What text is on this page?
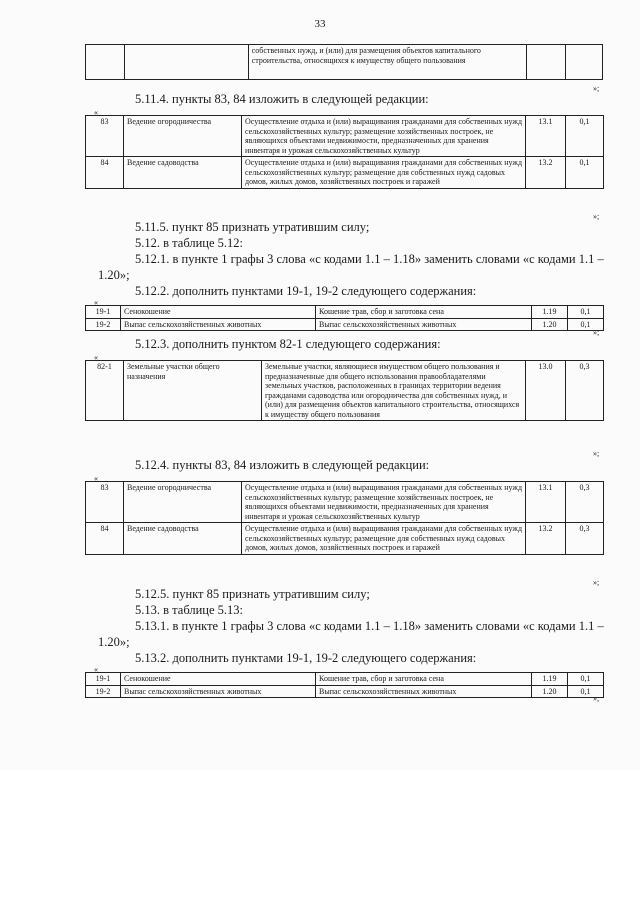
33
		собственных нужд, и (или) для размещения объектов капитального строительства, относящихся к имуществу общего пользования		
»;
5.11.4. пункты 83, 84 изложить в следующей редакции:
«
83	Ведение огородничества	Осуществление отдыха и (или) выращивания гражданами для собственных нужд сельскохозяйственных культур; размещение хозяйственных построек, не являющихся объектами недвижимости, предназначенных для хранения инвентаря и урожая сельскохозяйственных культур	13.1	0,1
84	Ведение садоводства	Осуществление отдыха и (или) выращивания гражданами для собственных нужд сельскохозяйственных культур; размещение для собственных нужд садовых домов, жилых домов, хозяйственных построек и гаражей	13.2	0,1
»;
5.11.5. пункт 85 признать утратившим силу;
5.12. в таблице 5.12:
5.12.1. в пункте 1 графы 3 слова «с кодами 1.1 – 1.18» заменить словами «с кодами 1.1 – 1.20»;
5.12.2. дополнить пунктами 19-1, 19-2 следующего содержания:
«
19-1	Сенокошение	Кошение трав, сбор и заготовка сена	1.19	0,1
19-2	Выпас сельскохозяйственных животных	Выпас сельскохозяйственных животных	1.20	0,1
»;
5.12.3. дополнить пунктом 82-1 следующего содержания:
«
82-1	Земельные участки общего назначения	Земельные участки, являющиеся имуществом общего пользования и предназначенные для общего использования правообладателями земельных участков, расположенных в границах территории ведения гражданами садоводства или огородничества для собственных нужд, и (или) для размещения объектов капитального строительства, относящихся к имуществу общего пользования	13.0	0,3
»;
5.12.4. пункты 83, 84 изложить в следующей редакции:
«
83	Ведение огородничества	Осуществление отдыха и (или) выращивания гражданами для собственных нужд сельскохозяйственных культур; размещение хозяйственных построек, не являющихся объектами недвижимости, предназначенных для хранения инвентаря и урожая сельскохозяйственных культур	13.1	0,3
84	Ведение садоводства	Осуществление отдыха и (или) выращивания гражданами для собственных нужд сельскохозяйственных культур; размещение для собственных нужд садовых домов, жилых домов, хозяйственных построек и гаражей	13.2	0,3
»;
5.12.5. пункт 85 признать утратившим силу;
5.13. в таблице 5.13:
5.13.1. в пункте 1 графы 3 слова «с кодами 1.1 – 1.18» заменить словами «с кодами 1.1 – 1.20»;
5.13.2. дополнить пунктами 19-1, 19-2 следующего содержания:
«
19-1	Сенокошение	Кошение трав, сбор и заготовка сена	1.19	0,1
19-2	Выпас сельскохозяйственных животных	Выпас сельскохозяйственных животных	1.20	0,1
»;
